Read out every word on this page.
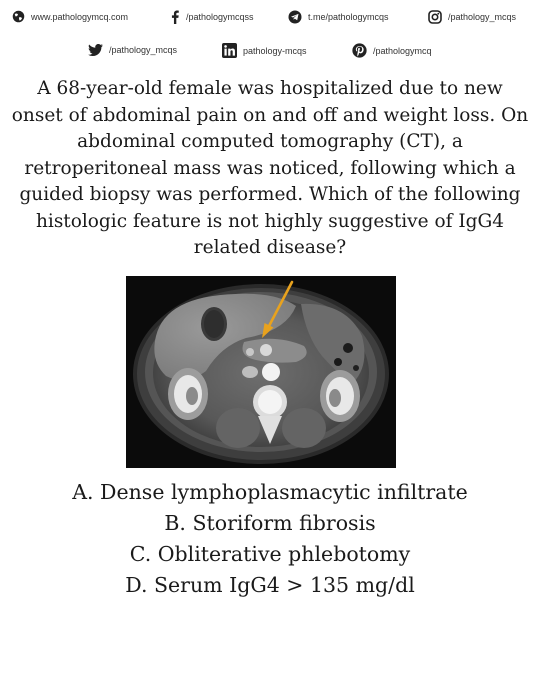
www.pathologymcq.com	/pathologymcqss	t.me/pathologymcqs	/pathology_mcqs
/pathology_mcqs	pathology-mcqs	/pathologymcq

A 68-year-old female was hospitalized due to new onset of abdominal pain on and off and weight loss. On abdominal computed tomography (CT), a retroperitoneal mass was noticed, following which a guided biopsy was performed. Which of the following histologic feature is not highly suggestive of IgG4 related disease?

A. Dense lymphoplasmacytic infiltrate
B. Storiform fibrosis
C. Obliterative phlebotomy
D. Serum IgG4 > 135 mg/dl
